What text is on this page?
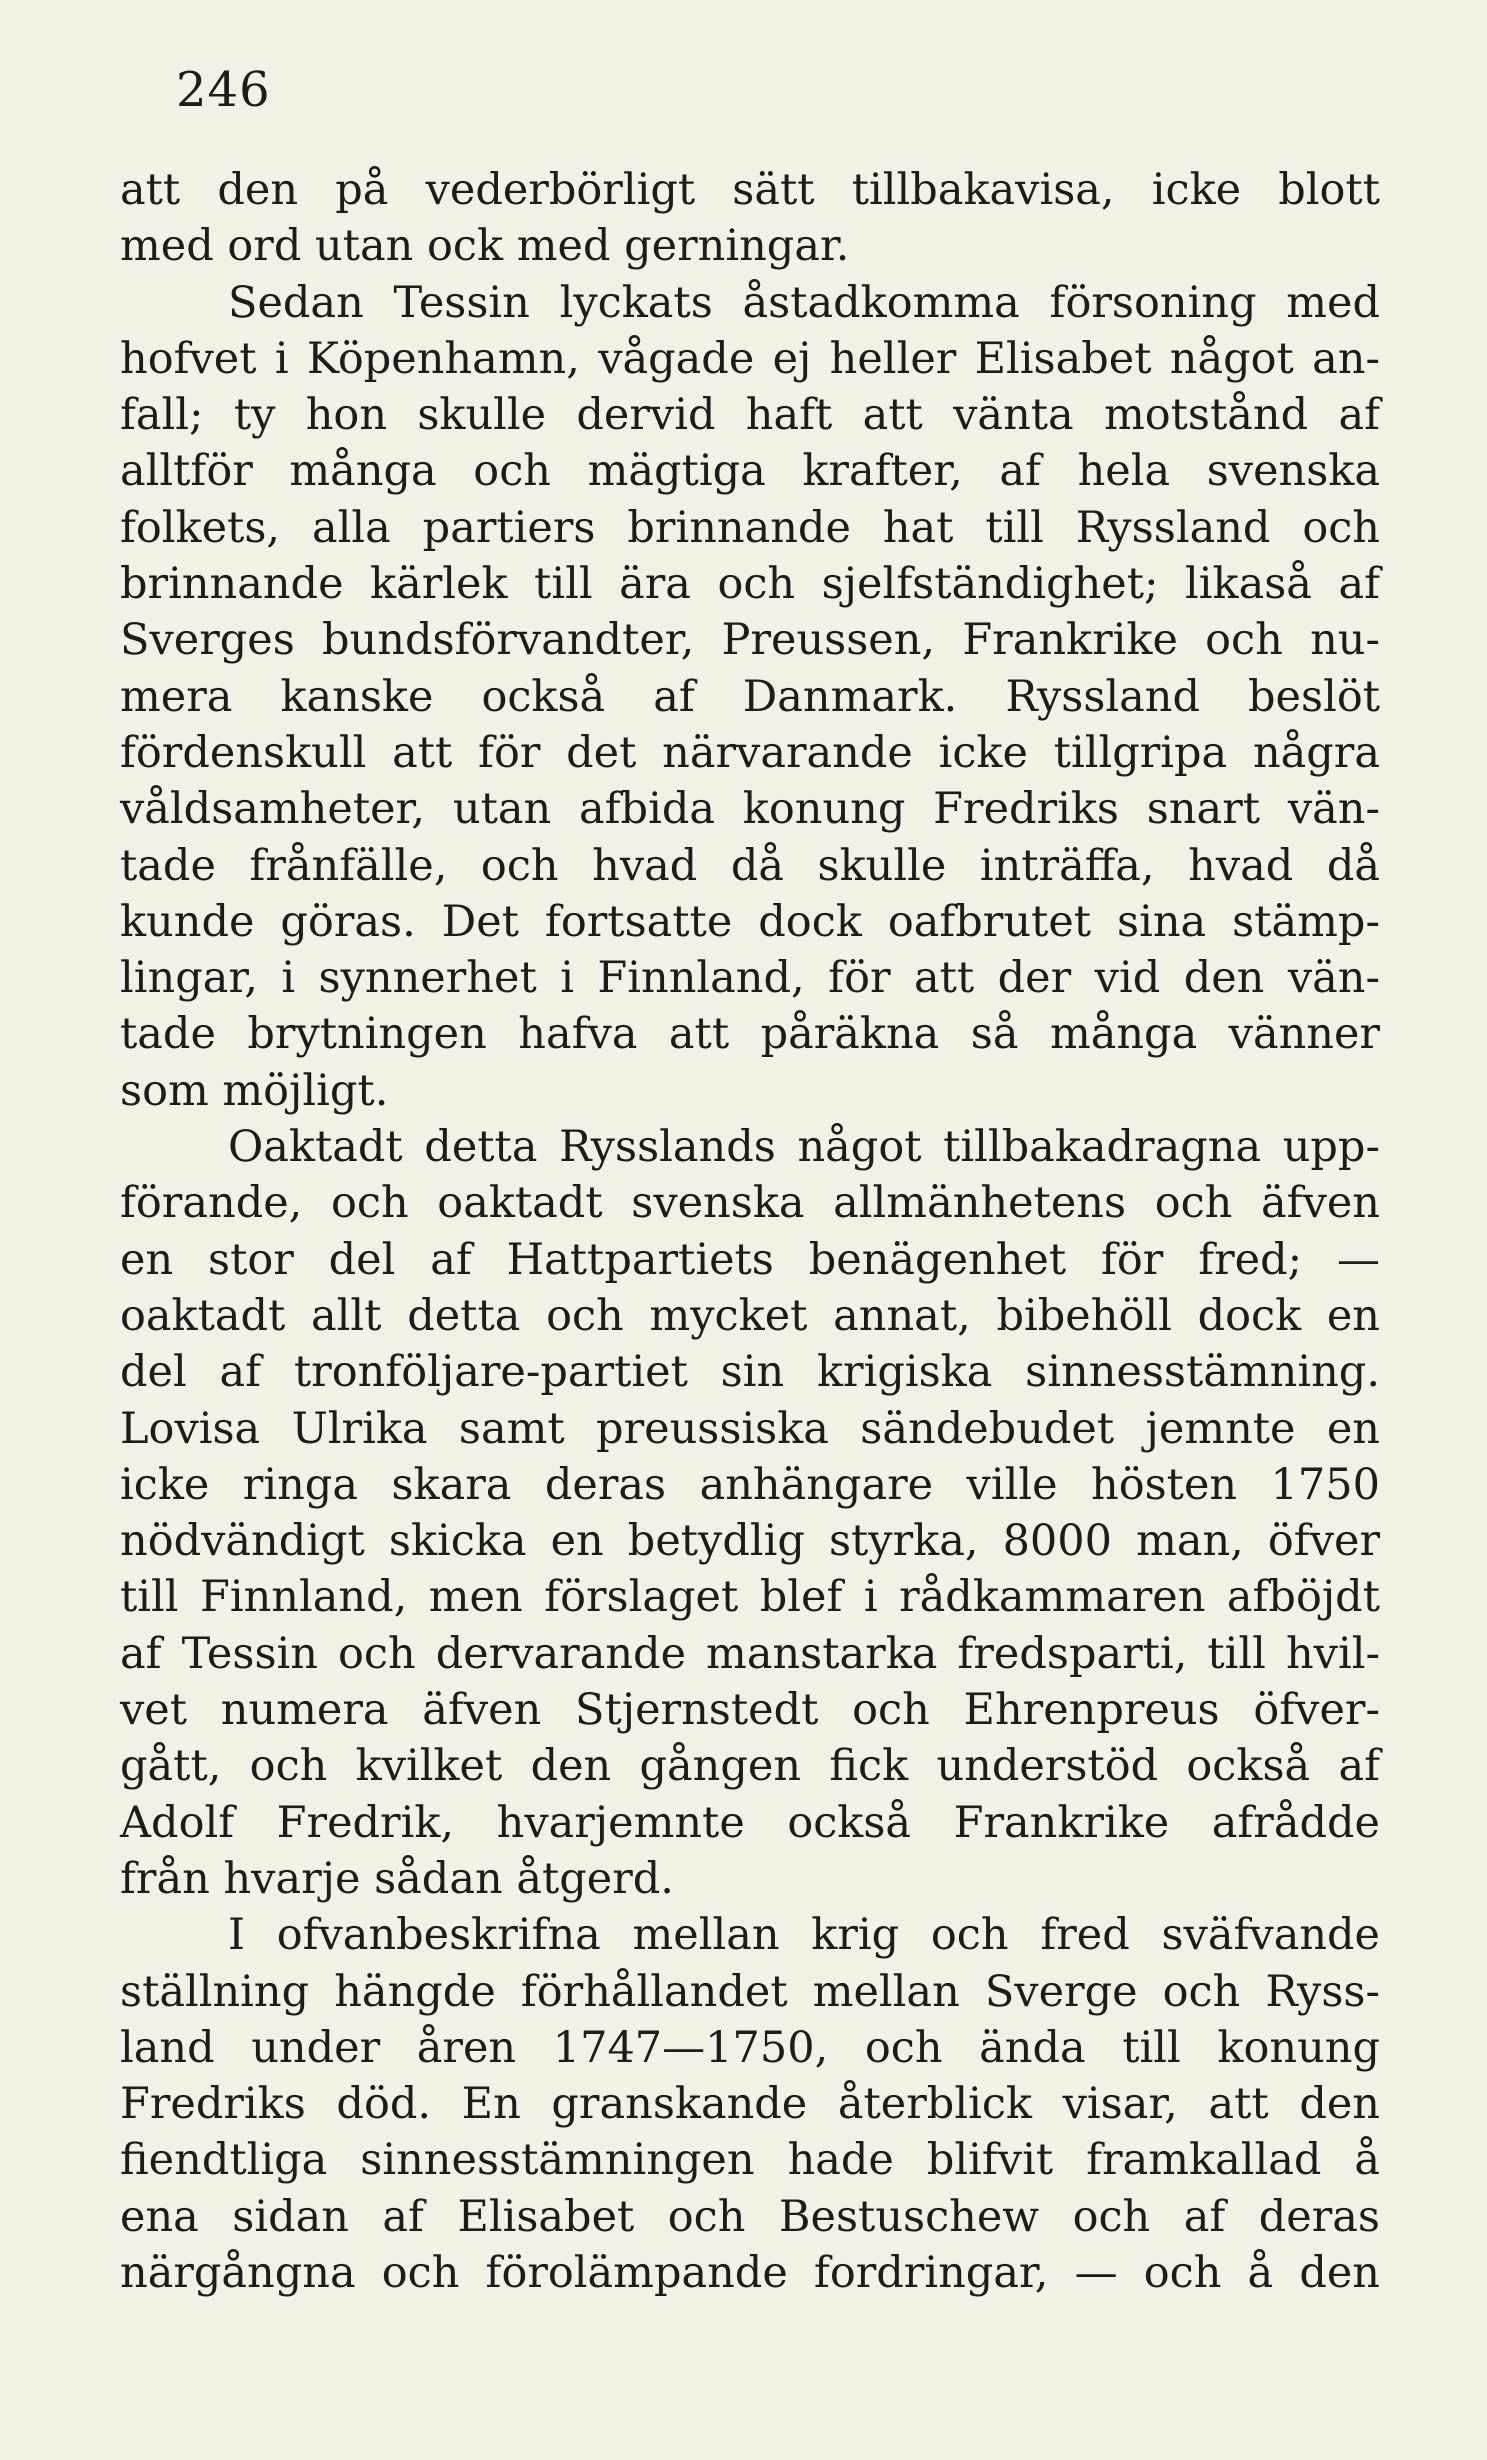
246
att den på vederbörligt sätt tillbakavisa, icke blott
med ord utan ock med gerningar.
Sedan Tessin lyckats åstadkomma försoning med
hofvet i Köpenhamn, vågade ej heller Elisabet något an-
fall; ty hon skulle dervid haft att vänta motstånd af
alltför många och mägtiga krafter, af hela svenska
folkets, alla partiers brinnande hat till Ryssland och
brinnande kärlek till ära och sjelfständighet; likaså af
Sverges bundsförvandter, Preussen, Frankrike och nu-
mera kanske också af Danmark. Ryssland beslöt
fördenskull att för det närvarande icke tillgripa några
våldsamheter, utan afbida konung Fredriks snart vän-
tade frånfälle, och hvad då skulle inträffa, hvad då
kunde göras. Det fortsatte dock oafbrutet sina stämp-
lingar, i synnerhet i Finnland, för att der vid den vän-
tade brytningen hafva att påräkna så många vänner
som möjligt.
Oaktadt detta Rysslands något tillbakadragna upp-
förande, och oaktadt svenska allmänhetens och äfven
en stor del af Hattpartiets benägenhet för fred; —
oaktadt allt detta och mycket annat, bibehöll dock en
del af tronföljare-partiet sin krigiska sinnesstämning.
Lovisa Ulrika samt preussiska sändebudet jemnte en
icke ringa skara deras anhängare ville hösten 1750
nödvändigt skicka en betydlig styrka, 8000 man, öfver
till Finnland, men förslaget blef i rådkammaren afböjdt
af Tessin och dervarande manstarka fredsparti, till hvil-
vet numera äfven Stjernstedt och Ehrenpreus öfver-
gått, och kvilket den gången fick understöd också af
Adolf Fredrik, hvarjemnte också Frankrike afrådde
från hvarje sådan åtgerd.
I ofvanbeskrifna mellan krig och fred sväfvande
ställning hängde förhållandet mellan Sverge och Ryss-
land under åren 1747—1750, och ända till konung
Fredriks död. En granskande återblick visar, att den
fiendtliga sinnesstämningen hade blifvit framkallad å
ena sidan af Elisabet och Bestuschew och af deras
närgångna och förolämpande fordringar, — och å den
